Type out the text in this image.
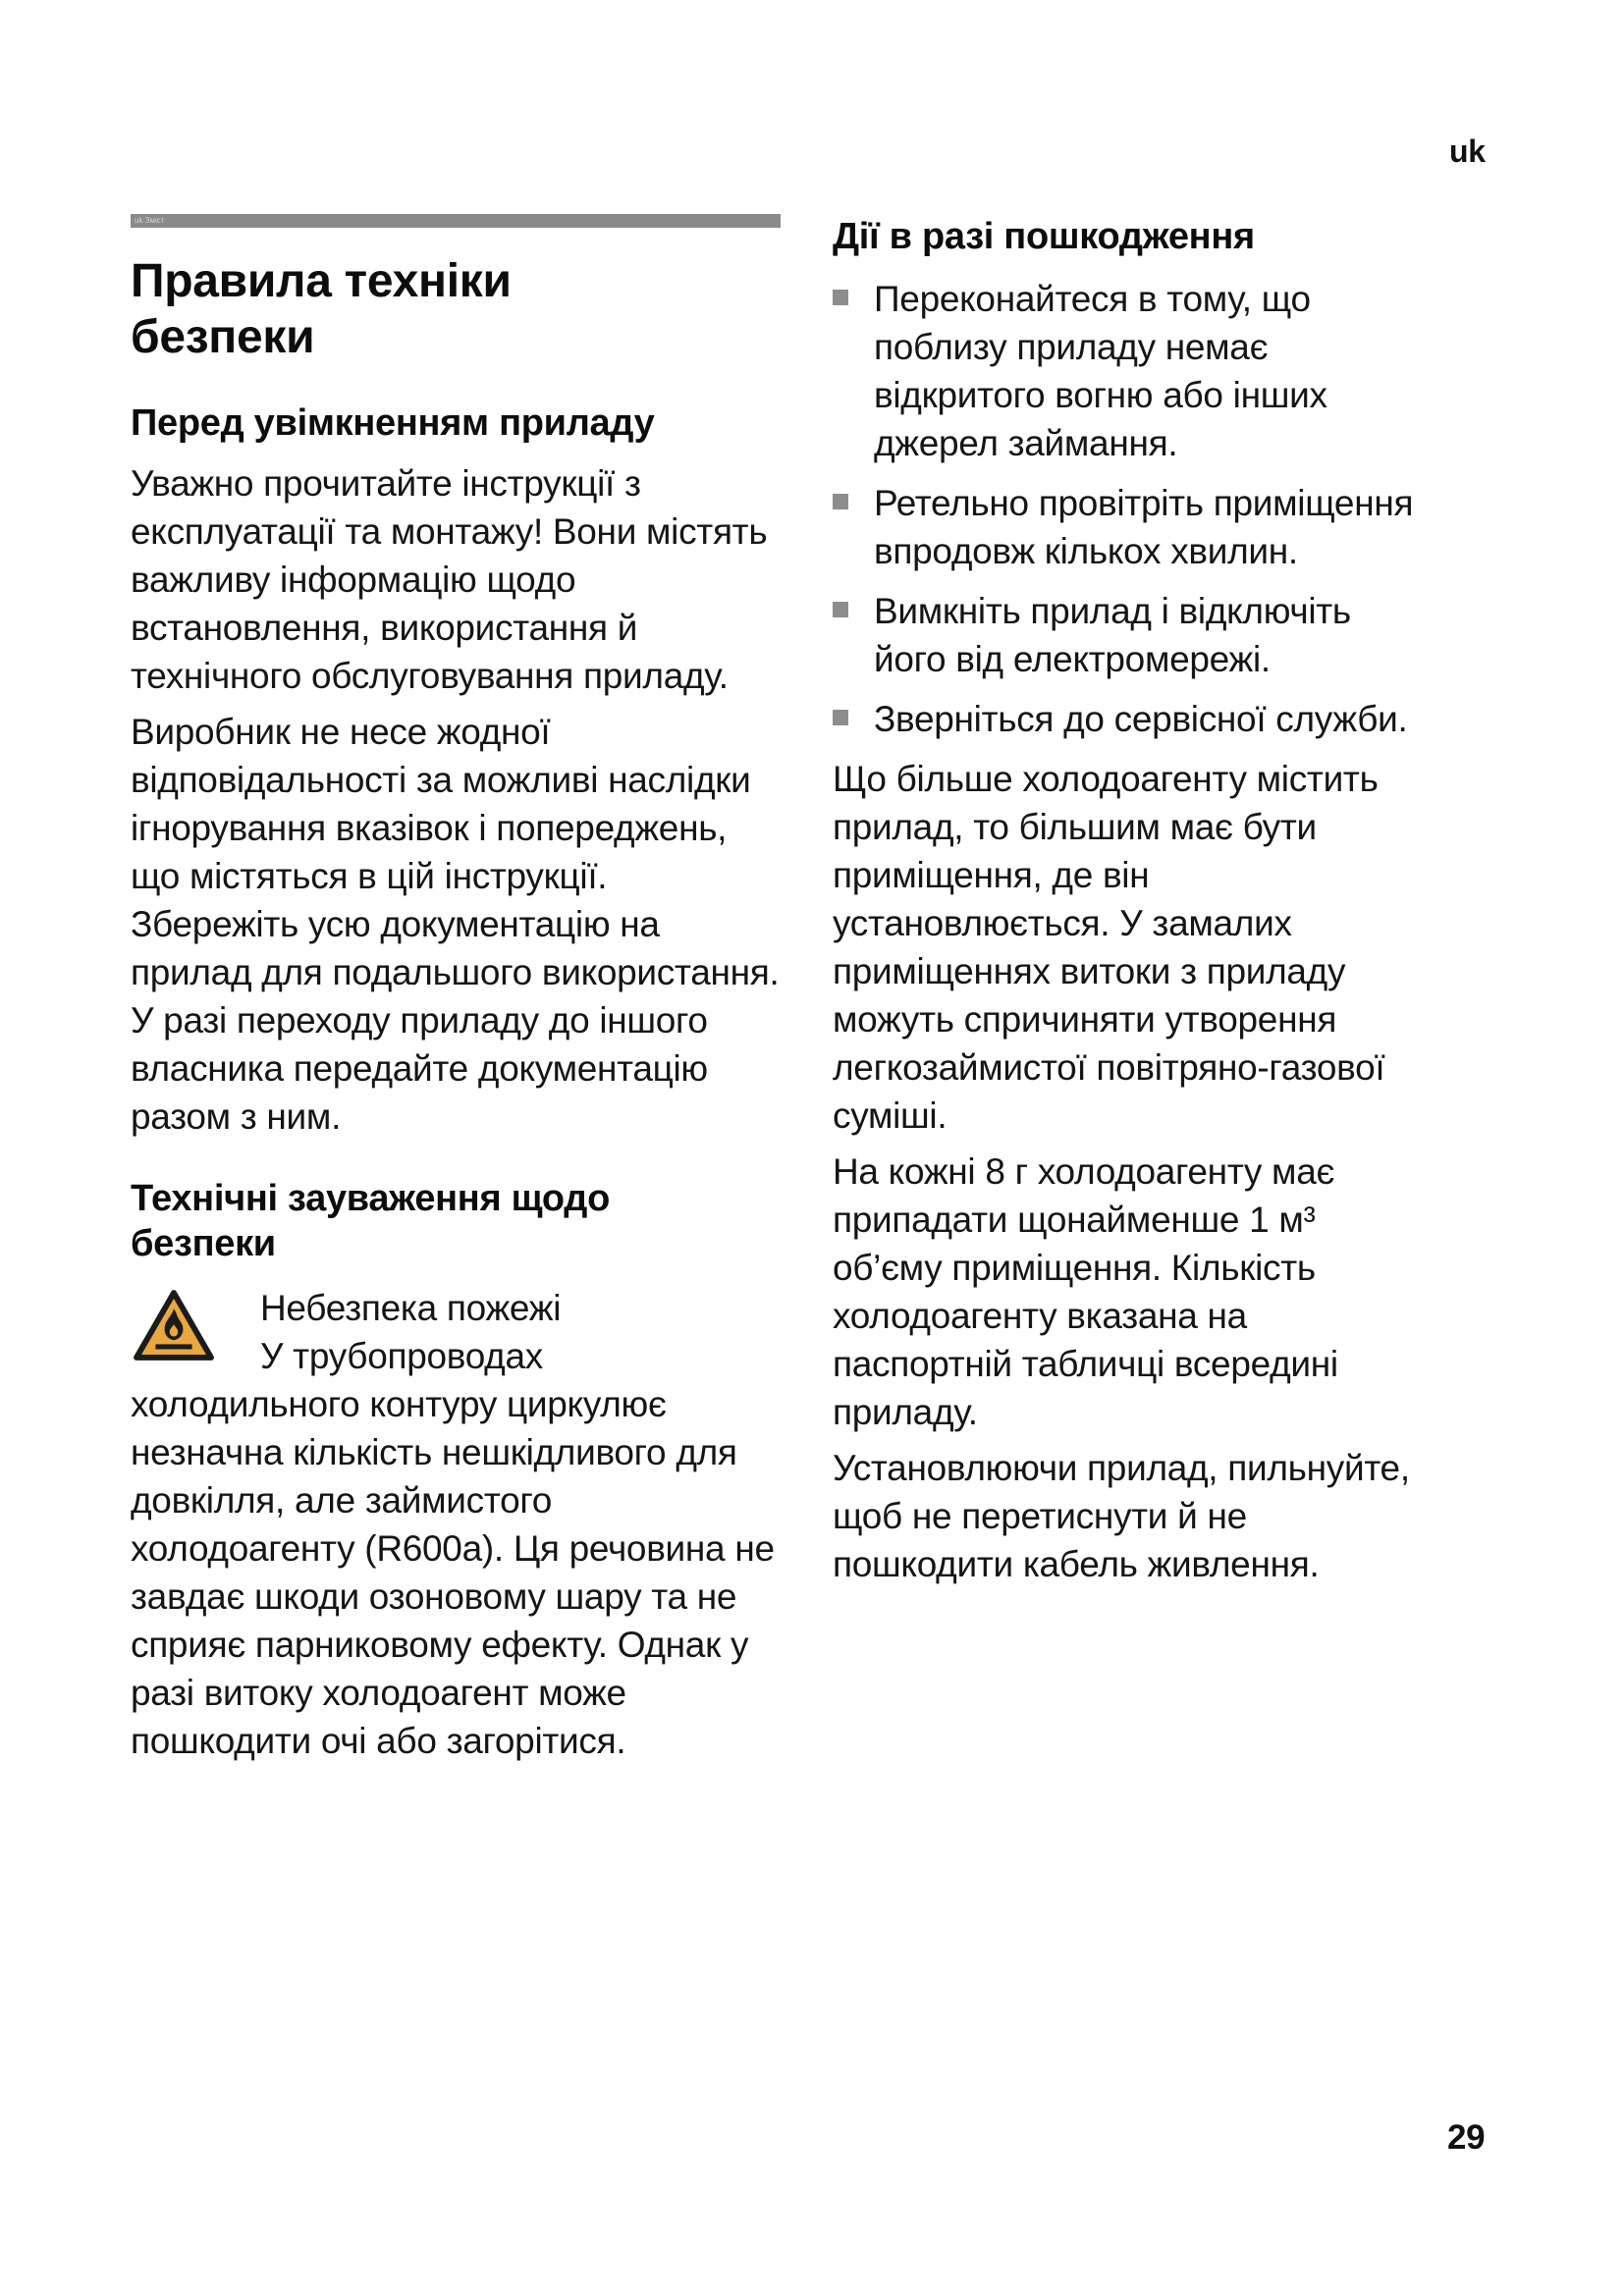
uk
uk Зміст
Правила техніки безпеки
Перед увімкненням приладу

Уважно прочитайте інструкції з експлуатації та монтажу! Вони містять важливу інформацію щодо встановлення, використання й технічного обслуговування приладу.

Виробник не несе жодної відповідальності за можливі наслідки ігнорування вказівок і попереджень, що містяться в цій інструкції. Збережіть усю документацію на прилад для подальшого використання. У разі переходу приладу до іншого власника передайте документацію разом з ним.

Технічні зауваження щодо безпеки
Небезпека пожежі

У трубопроводах холодильного контуру циркулює незначна кількість нешкідливого для довкілля, але займистого холодоагенту (R600a). Ця речовина не завдає шкоди озоновому шару та не сприяє парниковому ефекту. Однак у разі витоку холодоагент може пошкодити очі або загорітися.

Дії в разі пошкодження
Переконайтеся в тому, що поблизу приладу немає відкритого вогню або інших джерел займання.
Ретельно провітріть приміщення впродовж кількох хвилин.
Вимкніть прилад і відключіть його від електромережі.
Зверніться до сервісної служби.

Що більше холодоагенту містить прилад, то більшим має бути приміщення, де він установлюється. У замалих приміщеннях витоки з приладу можуть спричиняти утворення легкозаймистої повітряно-газової суміші.

На кожні 8 г холодоагенту має припадати щонайменше 1 м³ об’єму приміщення. Кількість холодоагенту вказана на паспортній табличці всередині приладу.

Установлюючи прилад, пильнуйте, щоб не перетиснути й не пошкодити кабель живлення.

29
